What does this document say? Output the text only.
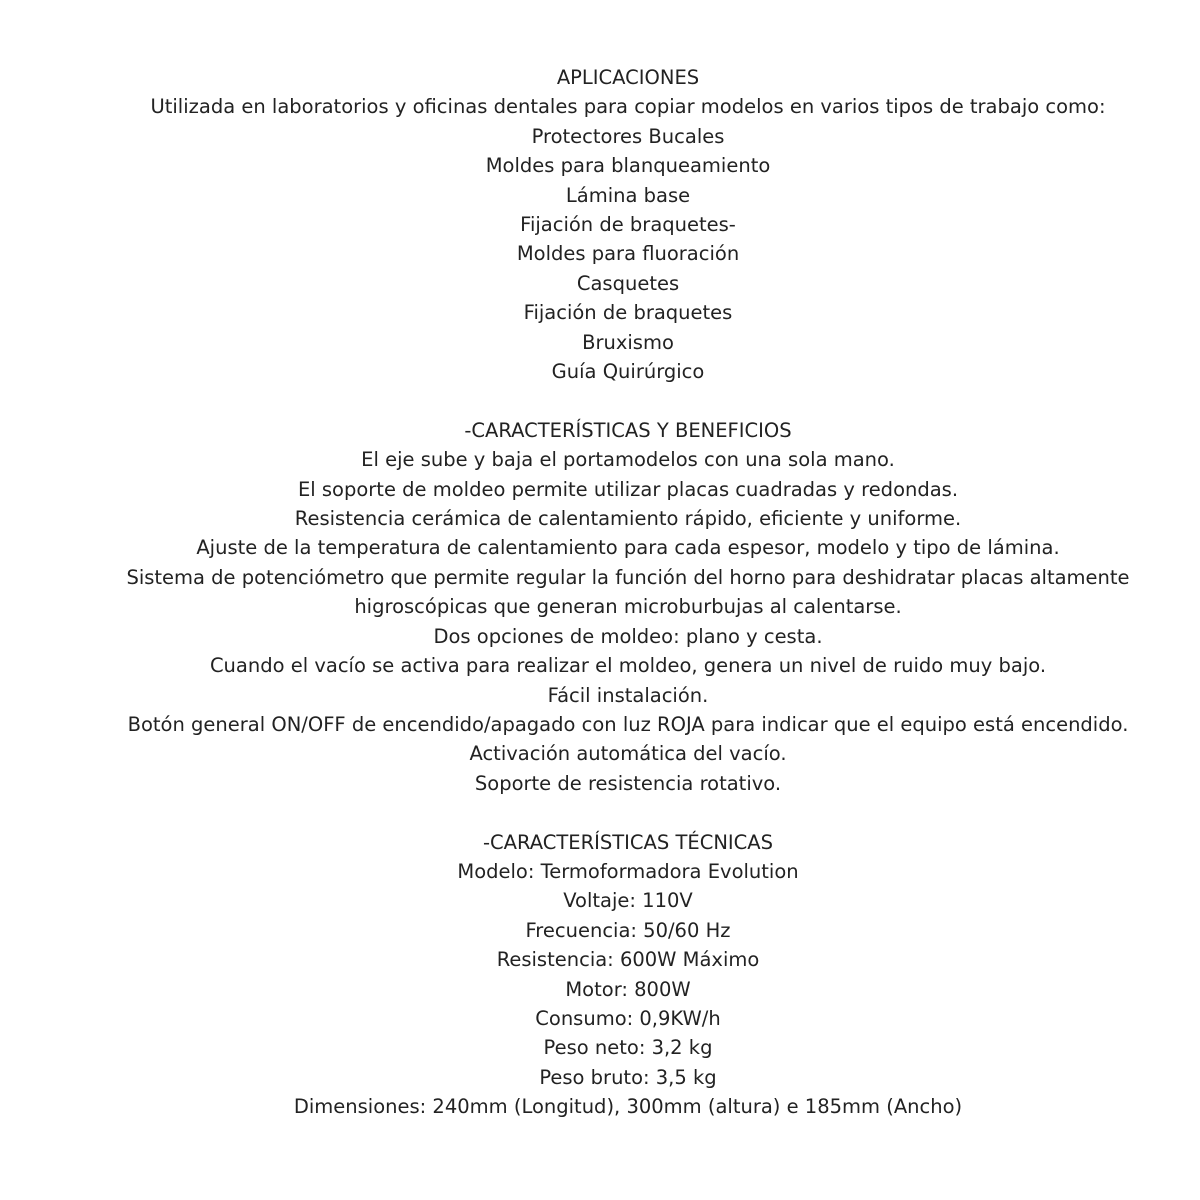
APLICACIONES
Utilizada en laboratorios y oficinas dentales para copiar modelos en varios tipos de trabajo como:
Protectores Bucales
Moldes para blanqueamiento
Lámina base
Fijación de braquetes-
Moldes para fluoración
Casquetes
Fijación de braquetes
Bruxismo
Guía Quirúrgico
-CARACTERÍSTICAS Y BENEFICIOS
El eje sube y baja el portamodelos con una sola mano.
El soporte de moldeo permite utilizar placas cuadradas y redondas.
Resistencia cerámica de calentamiento rápido, eficiente y uniforme.
Ajuste de la temperatura de calentamiento para cada espesor, modelo y tipo de lámina.
Sistema de potenciómetro que permite regular la función del horno para deshidratar placas altamente higroscópicas que generan microburbujas al calentarse.
Dos opciones de moldeo: plano y cesta.
Cuando el vacío se activa para realizar el moldeo, genera un nivel de ruido muy bajo.
Fácil instalación.
Botón general ON/OFF de encendido/apagado con luz ROJA para indicar que el equipo está encendido.
Activación automática del vacío.
Soporte de resistencia rotativo.
-CARACTERÍSTICAS TÉCNICAS
Modelo: Termoformadora Evolution
Voltaje: 110V
Frecuencia: 50/60 Hz
Resistencia: 600W Máximo
Motor: 800W
Consumo: 0,9KW/h
Peso neto: 3,2 kg
Peso bruto: 3,5 kg
Dimensiones: 240mm (Longitud), 300mm (altura) e 185mm (Ancho)
